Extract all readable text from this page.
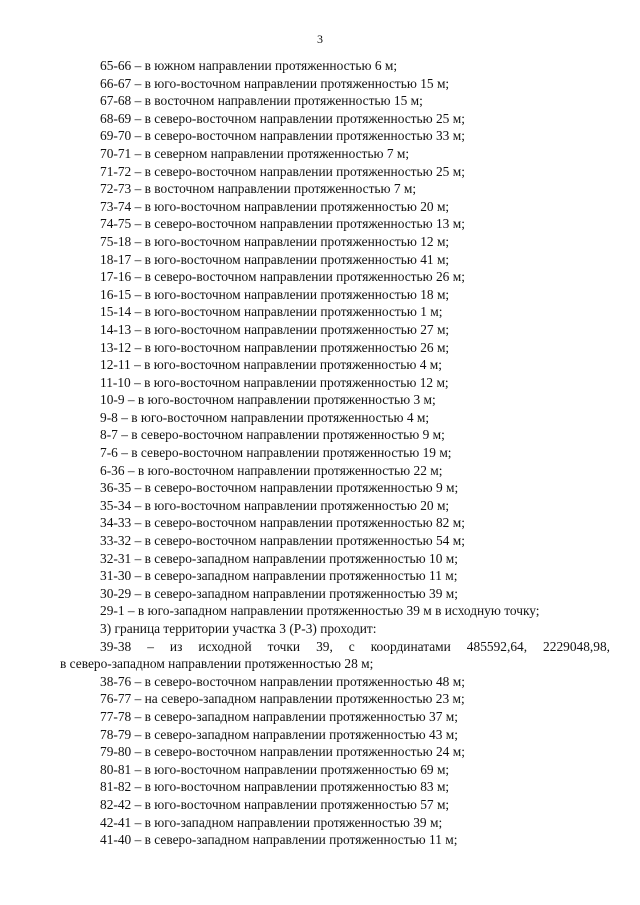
3
65-66 – в южном направлении протяженностью 6 м;
66-67 – в юго-восточном направлении протяженностью 15 м;
67-68 – в восточном направлении протяженностью 15 м;
68-69 – в северо-восточном направлении протяженностью 25 м;
69-70 – в северо-восточном направлении протяженностью 33 м;
70-71 – в северном направлении протяженностью 7 м;
71-72 – в северо-восточном направлении протяженностью 25 м;
72-73 – в восточном направлении протяженностью 7 м;
73-74 – в юго-восточном направлении протяженностью 20 м;
74-75 – в северо-восточном направлении протяженностью 13 м;
75-18 – в юго-восточном направлении протяженностью 12 м;
18-17 – в юго-восточном направлении протяженностью 41 м;
17-16 – в северо-восточном направлении протяженностью 26 м;
16-15 – в юго-восточном направлении протяженностью 18 м;
15-14 – в юго-восточном направлении протяженностью 1 м;
14-13 – в юго-восточном направлении протяженностью 27 м;
13-12 – в юго-восточном направлении протяженностью 26 м;
12-11 – в юго-восточном направлении протяженностью 4 м;
11-10 – в юго-восточном направлении протяженностью 12 м;
10-9 – в юго-восточном направлении протяженностью 3 м;
9-8 – в юго-восточном направлении протяженностью 4 м;
8-7 – в северо-восточном направлении протяженностью 9 м;
7-6 – в северо-восточном направлении протяженностью 19 м;
6-36 – в юго-восточном направлении протяженностью 22 м;
36-35 – в северо-восточном направлении протяженностью 9 м;
35-34 – в юго-восточном направлении протяженностью 20 м;
34-33 – в северо-восточном направлении протяженностью 82 м;
33-32 – в северо-восточном направлении протяженностью 54 м;
32-31 – в северо-западном направлении протяженностью 10 м;
31-30 – в северо-западном направлении протяженностью 11 м;
30-29 – в северо-западном направлении протяженностью 39 м;
29-1 – в юго-западном направлении протяженностью 39 м в исходную точку;
3) граница территории участка 3 (Р-3) проходит:
39-38 – из исходной точки 39, с координатами 485592,64, 2229048,98,
в северо-западном направлении протяженностью 28 м;
38-76 – в северо-восточном направлении протяженностью 48 м;
76-77 – на северо-западном направлении протяженностью 23 м;
77-78 – в северо-западном направлении протяженностью 37 м;
78-79 – в северо-западном направлении протяженностью 43 м;
79-80 – в северо-восточном направлении протяженностью 24 м;
80-81 – в юго-восточном направлении протяженностью 69 м;
81-82 – в юго-восточном направлении протяженностью 83 м;
82-42 – в юго-восточном направлении протяженностью 57 м;
42-41 – в юго-западном направлении протяженностью 39 м;
41-40 – в северо-западном направлении протяженностью 11 м;
